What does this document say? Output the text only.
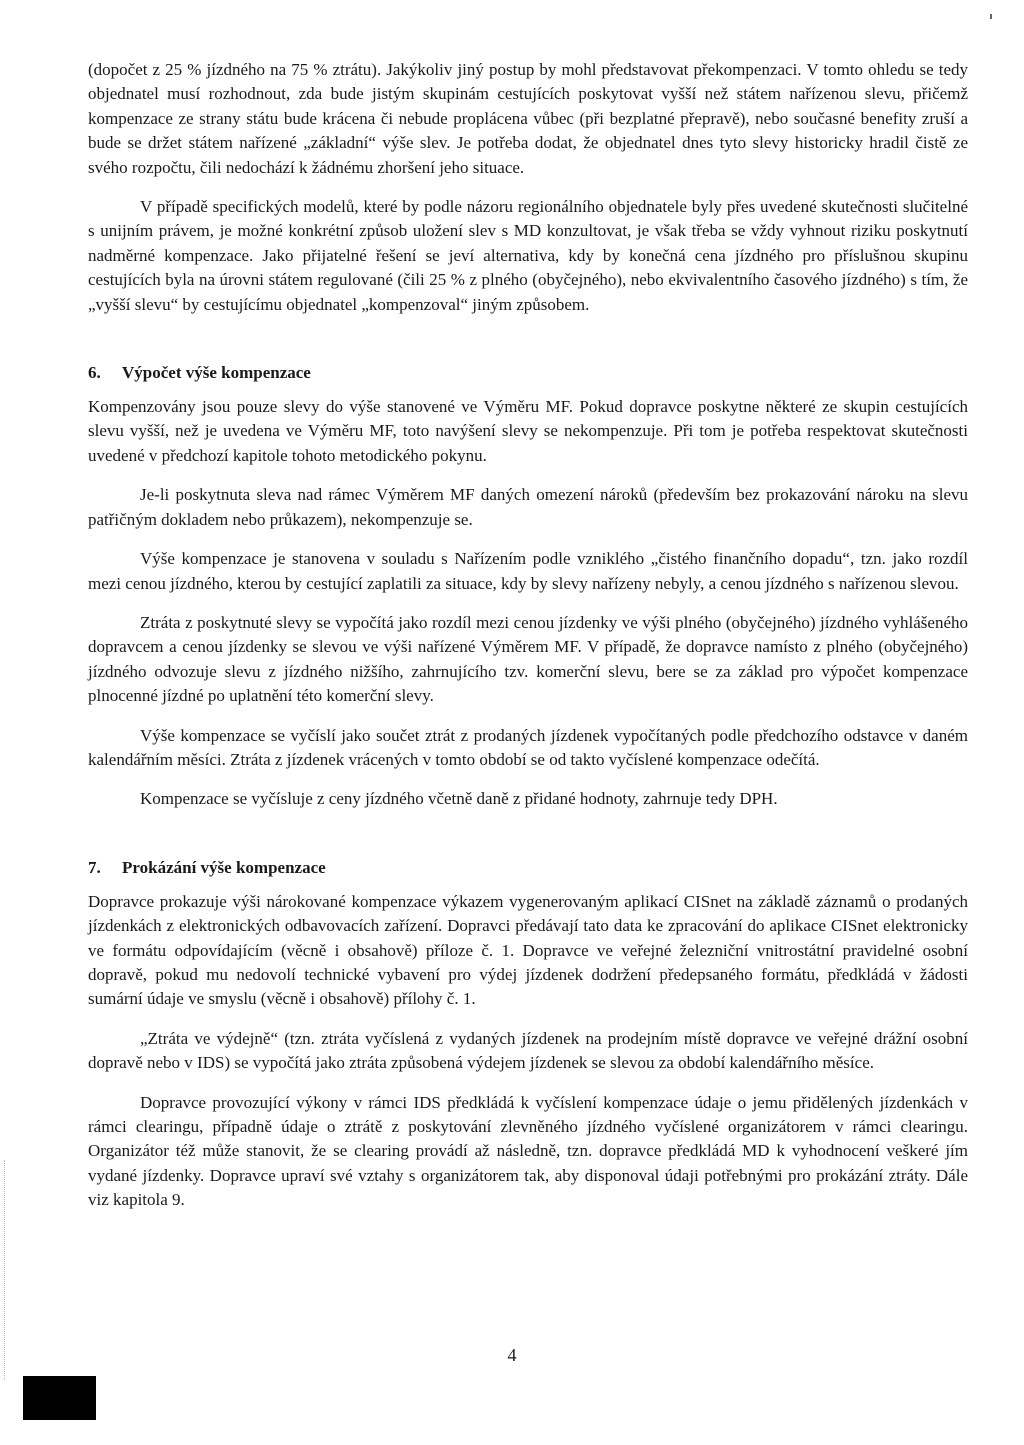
(dopočet z 25 % jízdného na 75 % ztrátu). Jakýkoliv jiný postup by mohl představovat překompenzaci. V tomto ohledu se tedy objednatel musí rozhodnout, zda bude jistým skupinám cestujících poskytovat vyšší než státem nařízenou slevu, přičemž kompenzace ze strany státu bude krácena či nebude proplácena vůbec (při bezplatné přepravě), nebo současné benefity zruší a bude se držet státem nařízené „základní“ výše slev. Je potřeba dodat, že objednatel dnes tyto slevy historicky hradil čistě ze svého rozpočtu, čili nedochází k žádnému zhoršení jeho situace.

V případě specifických modelů, které by podle názoru regionálního objednatele byly přes uvedené skutečnosti slučitelné s unijním právem, je možné konkrétní způsob uložení slev s MD konzultovat, je však třeba se vždy vyhnout riziku poskytnutí nadměrné kompenzace. Jako přijatelné řešení se jeví alternativa, kdy by konečná cena jízdného pro příslušnou skupinu cestujících byla na úrovni státem regulované (čili 25 % z plného (obyčejného), nebo ekvivalentního časového jízdného) s tím, že „vyšší slevu“ by cestujícímu objednatel „kompenzoval“ jiným způsobem.

6. Výpočet výše kompenzace

Kompenzovány jsou pouze slevy do výše stanovené ve Výměru MF. Pokud dopravce poskytne některé ze skupin cestujících slevu vyšší, než je uvedena ve Výměru MF, toto navýšení slevy se nekompenzuje. Při tom je potřeba respektovat skutečnosti uvedené v předchozí kapitole tohoto metodického pokynu.

Je-li poskytnuta sleva nad rámec Výměrem MF daných omezení nároků (především bez prokazování nároku na slevu patřičným dokladem nebo průkazem), nekompenzuje se.

Výše kompenzace je stanovena v souladu s Nařízením podle vzniklého „čistého finančního dopadu“, tzn. jako rozdíl mezi cenou jízdného, kterou by cestující zaplatili za situace, kdy by slevy nařízeny nebyly, a cenou jízdného s nařízenou slevou.

Ztráta z poskytnuté slevy se vypočítá jako rozdíl mezi cenou jízdenky ve výši plného (obyčejného) jízdného vyhlášeného dopravcem a cenou jízdenky se slevou ve výši nařízené Výměrem MF. V případě, že dopravce namísto z plného (obyčejného) jízdného odvozuje slevu z jízdného nižšího, zahrnujícího tzv. komerční slevu, bere se za základ pro výpočet kompenzace plnocenné jízdné po uplatnění této komerční slevy.

Výše kompenzace se vyčíslí jako součet ztrát z prodaných jízdenek vypočítaných podle předchozího odstavce v daném kalendářním měsíci. Ztráta z jízdenek vrácených v tomto období se od takto vyčíslené kompenzace odečítá.

Kompenzace se vyčísluje z ceny jízdného včetně daně z přidané hodnoty, zahrnuje tedy DPH.

7. Prokázání výše kompenzace

Dopravce prokazuje výši nárokované kompenzace výkazem vygenerovaným aplikací CISnet na základě záznamů o prodaných jízdenkách z elektronických odbavovacích zařízení. Dopravci předávají tato data ke zpracování do aplikace CISnet elektronicky ve formátu odpovídajícím (věcně i obsahově) příloze č. 1. Dopravce ve veřejné železniční vnitrostátní pravidelné osobní dopravě, pokud mu nedovolí technické vybavení pro výdej jízdenek dodržení předepsaného formátu, předkládá v žádosti sumární údaje ve smyslu (věcně i obsahově) přílohy č. 1.

„Ztráta ve výdejně“ (tzn. ztráta vyčíslená z vydaných jízdenek na prodejním místě dopravce ve veřejné drážní osobní dopravě nebo v IDS) se vypočítá jako ztráta způsobená výdejem jízdenek se slevou za období kalendářního měsíce.

Dopravce provozující výkony v rámci IDS předkládá k vyčíslení kompenzace údaje o jemu přidělených jízdenkách v rámci clearingu, případně údaje o ztrátě z poskytování zlevněného jízdného vyčíslené organizátorem v rámci clearingu. Organizátor též může stanovit, že se clearing provádí až následně, tzn. dopravce předkládá MD k vyhodnocení veškeré jím vydané jízdenky. Dopravce upraví své vztahy s organizátorem tak, aby disponoval údaji potřebnými pro prokázání ztráty. Dále viz kapitola 9.

4
